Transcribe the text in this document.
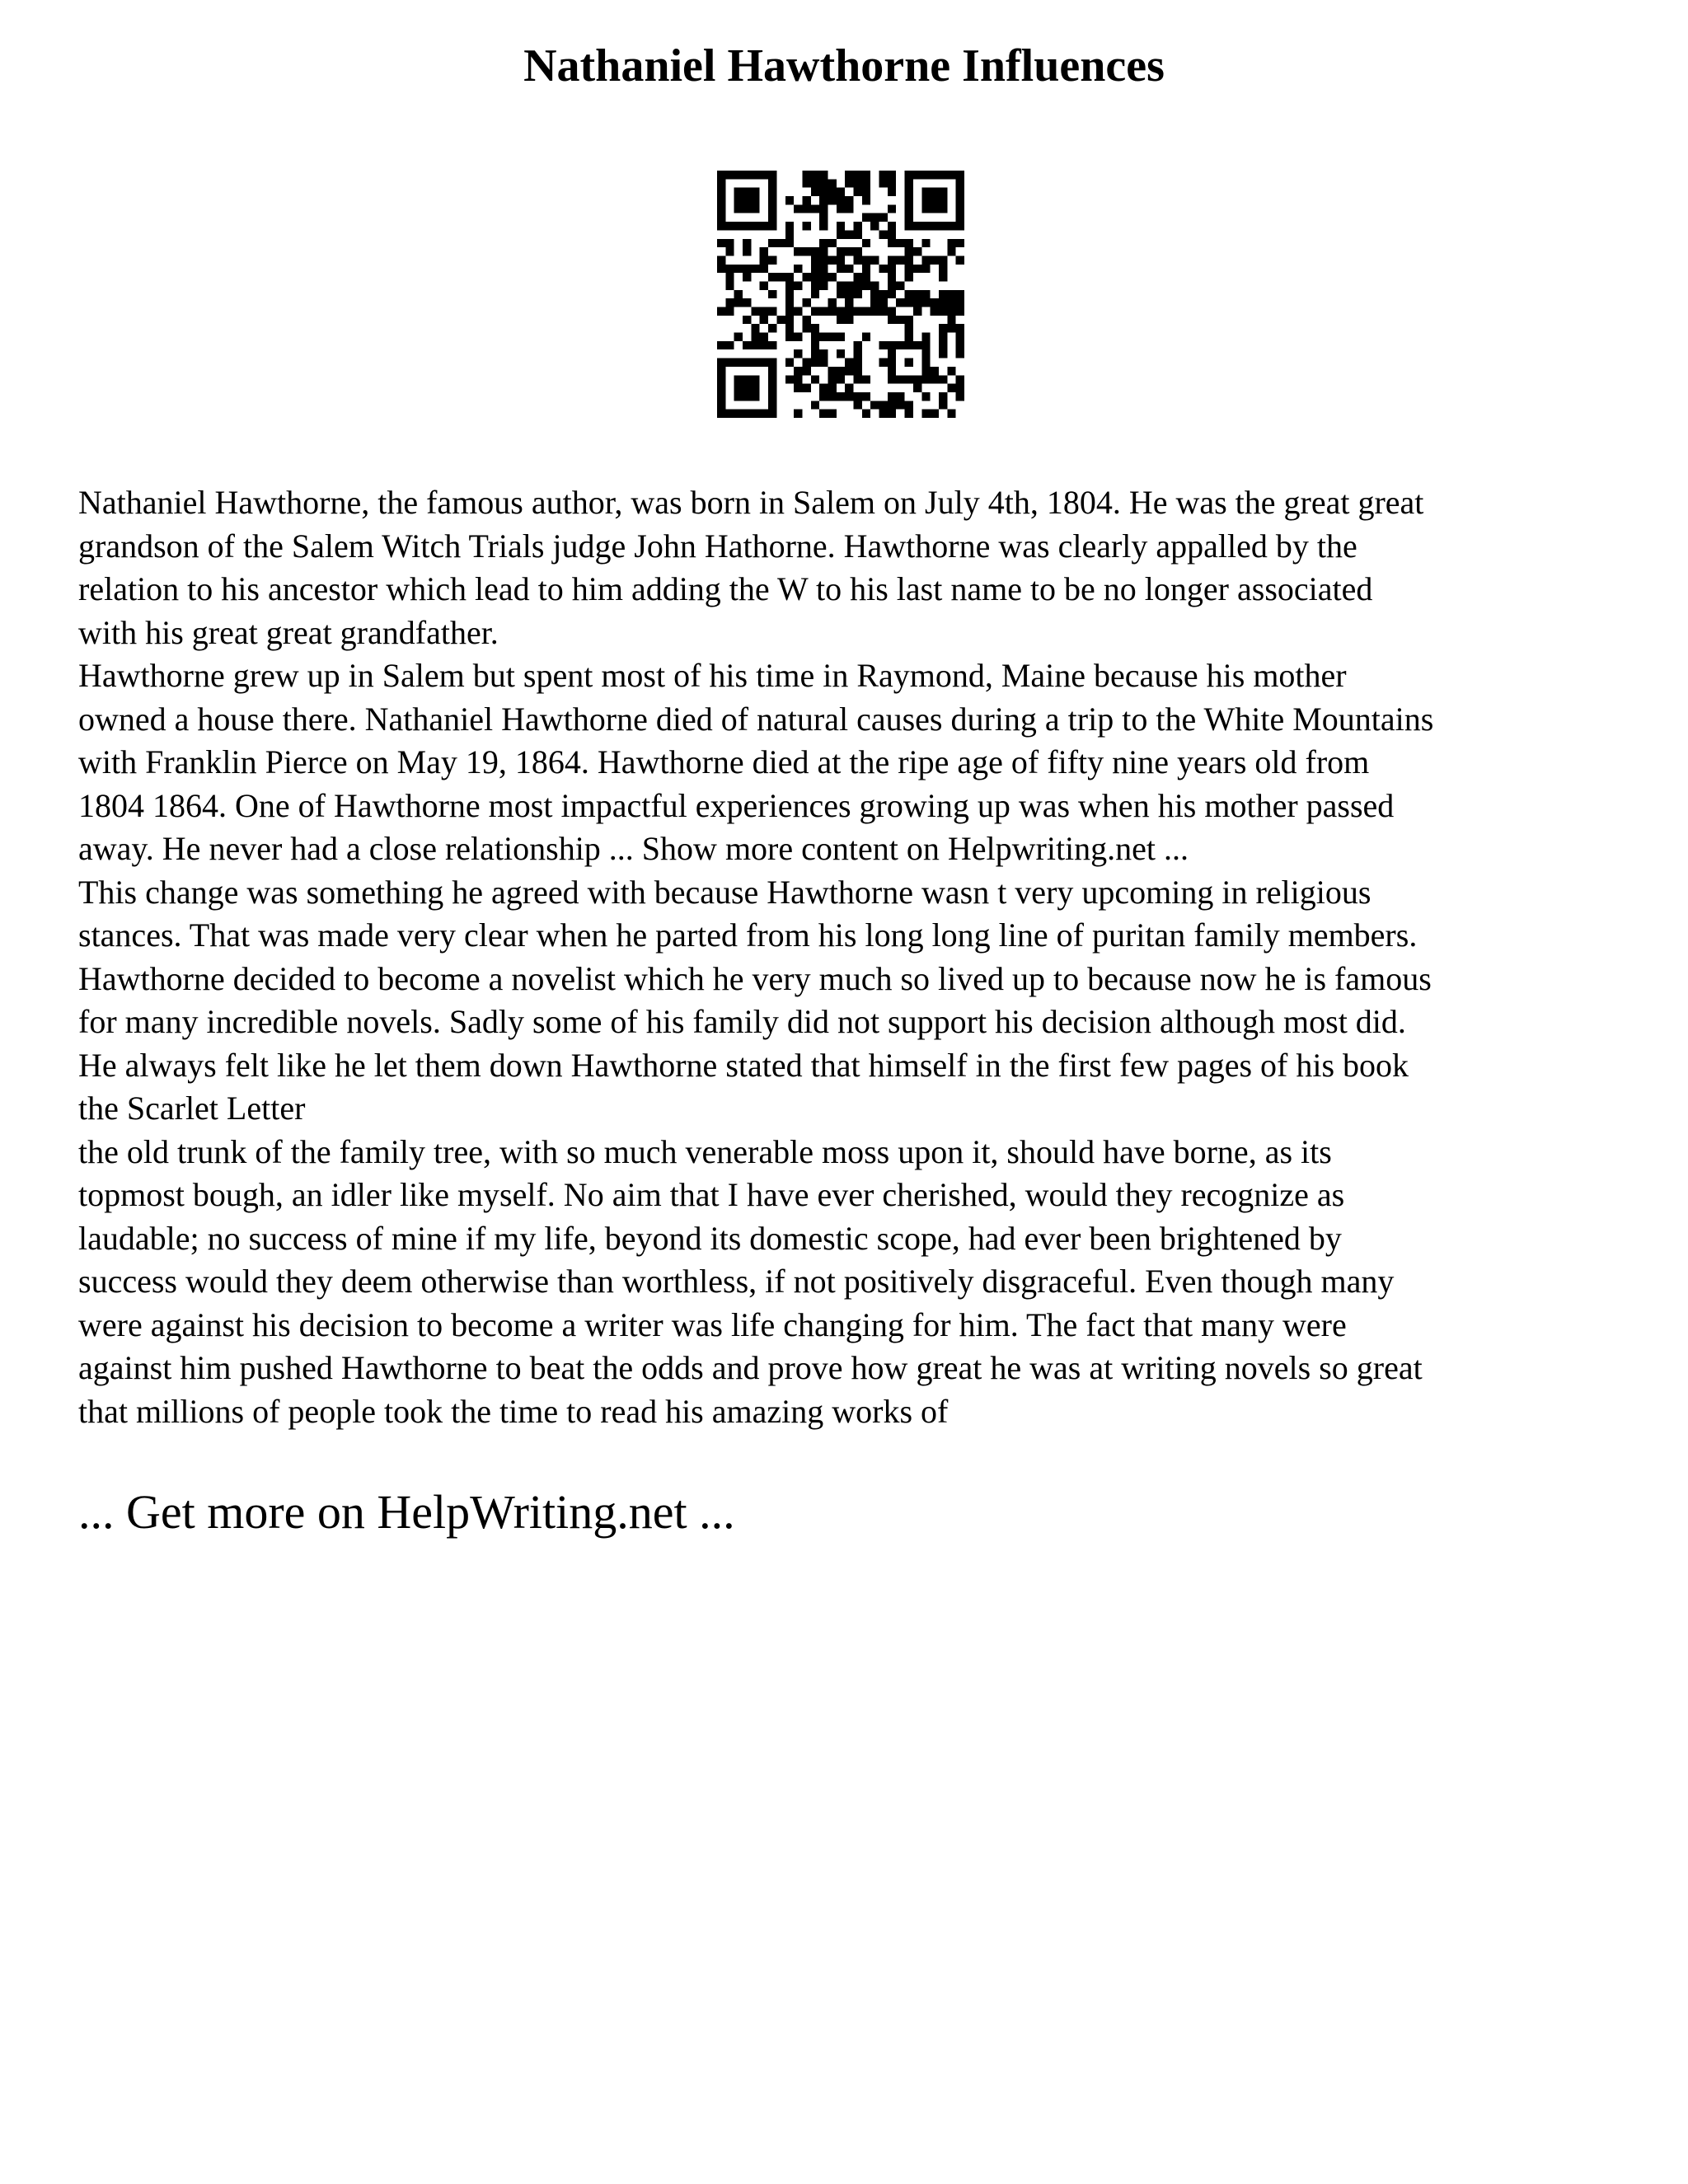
Nathaniel Hawthorne Influences

Nathaniel Hawthorne, the famous author, was born in Salem on July 4th, 1804. He was the great great
grandson of the Salem Witch Trials judge John Hathorne. Hawthorne was clearly appalled by the
relation to his ancestor which lead to him adding the W to his last name to be no longer associated
with his great great grandfather.

Hawthorne grew up in Salem but spent most of his time in Raymond, Maine because his mother
owned a house there. Nathaniel Hawthorne died of natural causes during a trip to the White Mountains
with Franklin Pierce on May 19, 1864. Hawthorne died at the ripe age of fifty nine years old from
1804 1864. One of Hawthorne most impactful experiences growing up was when his mother passed
away. He never had a close relationship ... Show more content on Helpwriting.net ...

This change was something he agreed with because Hawthorne wasn t very upcoming in religious
stances. That was made very clear when he parted from his long long line of puritan family members.
Hawthorne decided to become a novelist which he very much so lived up to because now he is famous
for many incredible novels. Sadly some of his family did not support his decision although most did.
He always felt like he let them down Hawthorne stated that himself in the first few pages of his book
the Scarlet Letter

the old trunk of the family tree, with so much venerable moss upon it, should have borne, as its
topmost bough, an idler like myself. No aim that I have ever cherished, would they recognize as
laudable; no success of mine if my life, beyond its domestic scope, had ever been brightened by
success would they deem otherwise than worthless, if not positively disgraceful. Even though many
were against his decision to become a writer was life changing for him. The fact that many were
against him pushed Hawthorne to beat the odds and prove how great he was at writing novels so great
that millions of people took the time to read his amazing works of

... Get more on HelpWriting.net ...
